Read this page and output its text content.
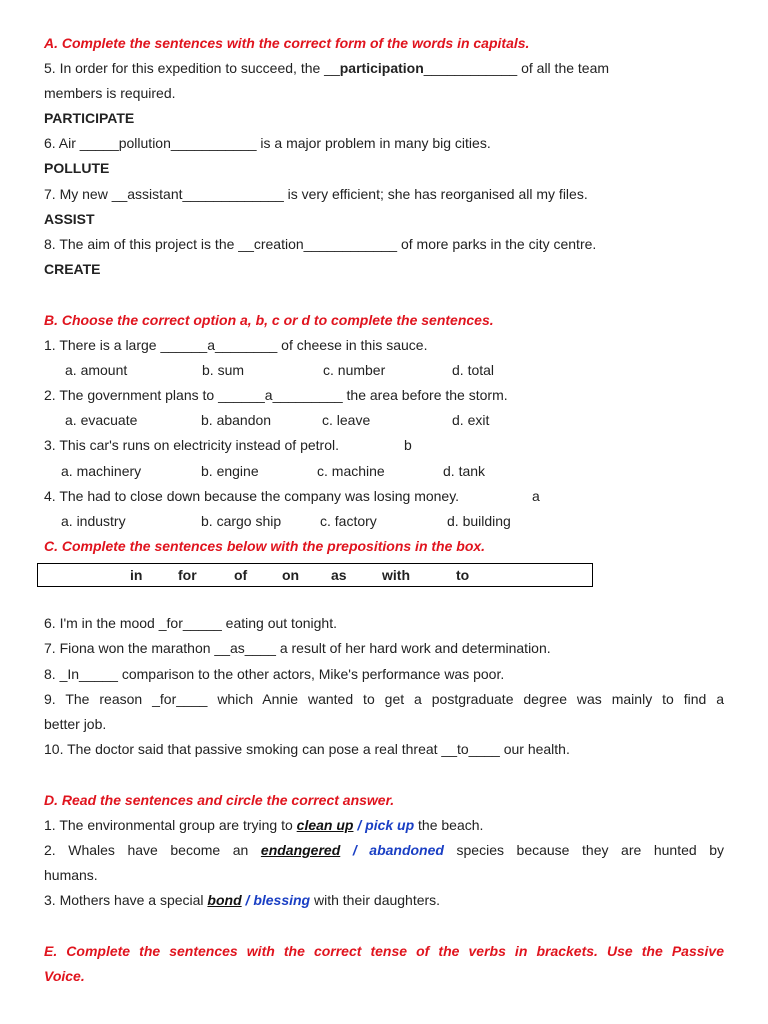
A. Complete the sentences with the correct form of the words in capitals.
5. In order for this expedition to succeed, the __participation____________ of all the team
members is required.
PARTICIPATE
6. Air _____pollution___________ is a major problem in many big cities.
POLLUTE
7. My new __assistant_____________ is very efficient; she has reorganised all my files.
ASSIST
8. The aim of this project is the __creation____________ of more parks in the city centre.
CREATE
B. Choose the correct option a, b, c or d to complete the sentences.
1. There is a large ______a________ of cheese in this sauce.
a. amount	b. sum	c. number	d. total
2. The government plans to ______a_________ the area before the storm.
a. evacuate	b. abandon	c. leave	d. exit
3. This car's runs on electricity instead of petrol.	b
a. machinery	b. engine	c. machine	d. tank
4. The had to close down because the company was losing money.	a
a. industry	b. cargo ship	c. factory	d. building
C. Complete the sentences below with the prepositions in the box.
in	for	of on as	with	to
6. I'm in the mood _for_____ eating out tonight.
7. Fiona won the marathon __as____ a result of her hard work and determination.
8. _In_____ comparison to the other actors, Mike's performance was poor.
9. The reason _for____ which Annie wanted to get a postgraduate degree was mainly to find a
better job.
10. The doctor said that passive smoking can pose a real threat __to____ our health.
D. Read the sentences and circle the correct answer.
1. The environmental group are trying to clean up / pick up the beach.
2. Whales have become an endangered / abandoned species because they are hunted by
humans.
3. Mothers have a special bond / blessing with their daughters.
E. Complete the sentences with the correct tense of the verbs in brackets. Use the Passive
Voice.
